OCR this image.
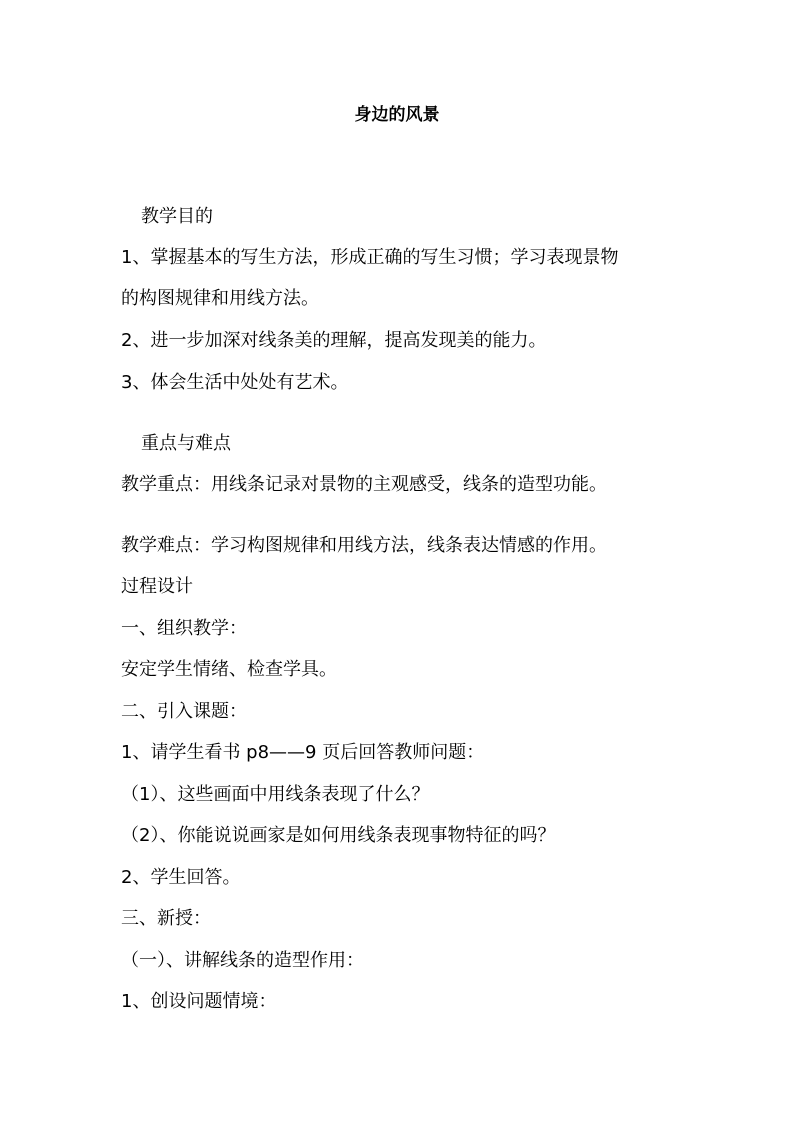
身边的风景
教学目的
1、掌握基本的写生方法，形成正确的写生习惯；学习表现景物
的构图规律和用线方法。
2、进一步加深对线条美的理解，提高发现美的能力。
3、体会生活中处处有艺术。
重点与难点
教学重点：用线条记录对景物的主观感受，线条的造型功能。
教学难点：学习构图规律和用线方法，线条表达情感的作用。
过程设计
一、组织教学：
安定学生情绪、检查学具。
二、引入课题：
1、请学生看书 p8——9 页后回答教师问题：
（1）、这些画面中用线条表现了什么？
（2）、你能说说画家是如何用线条表现事物特征的吗？
2、学生回答。
三、新授：
（一）、讲解线条的造型作用：
1、创设问题情境：
